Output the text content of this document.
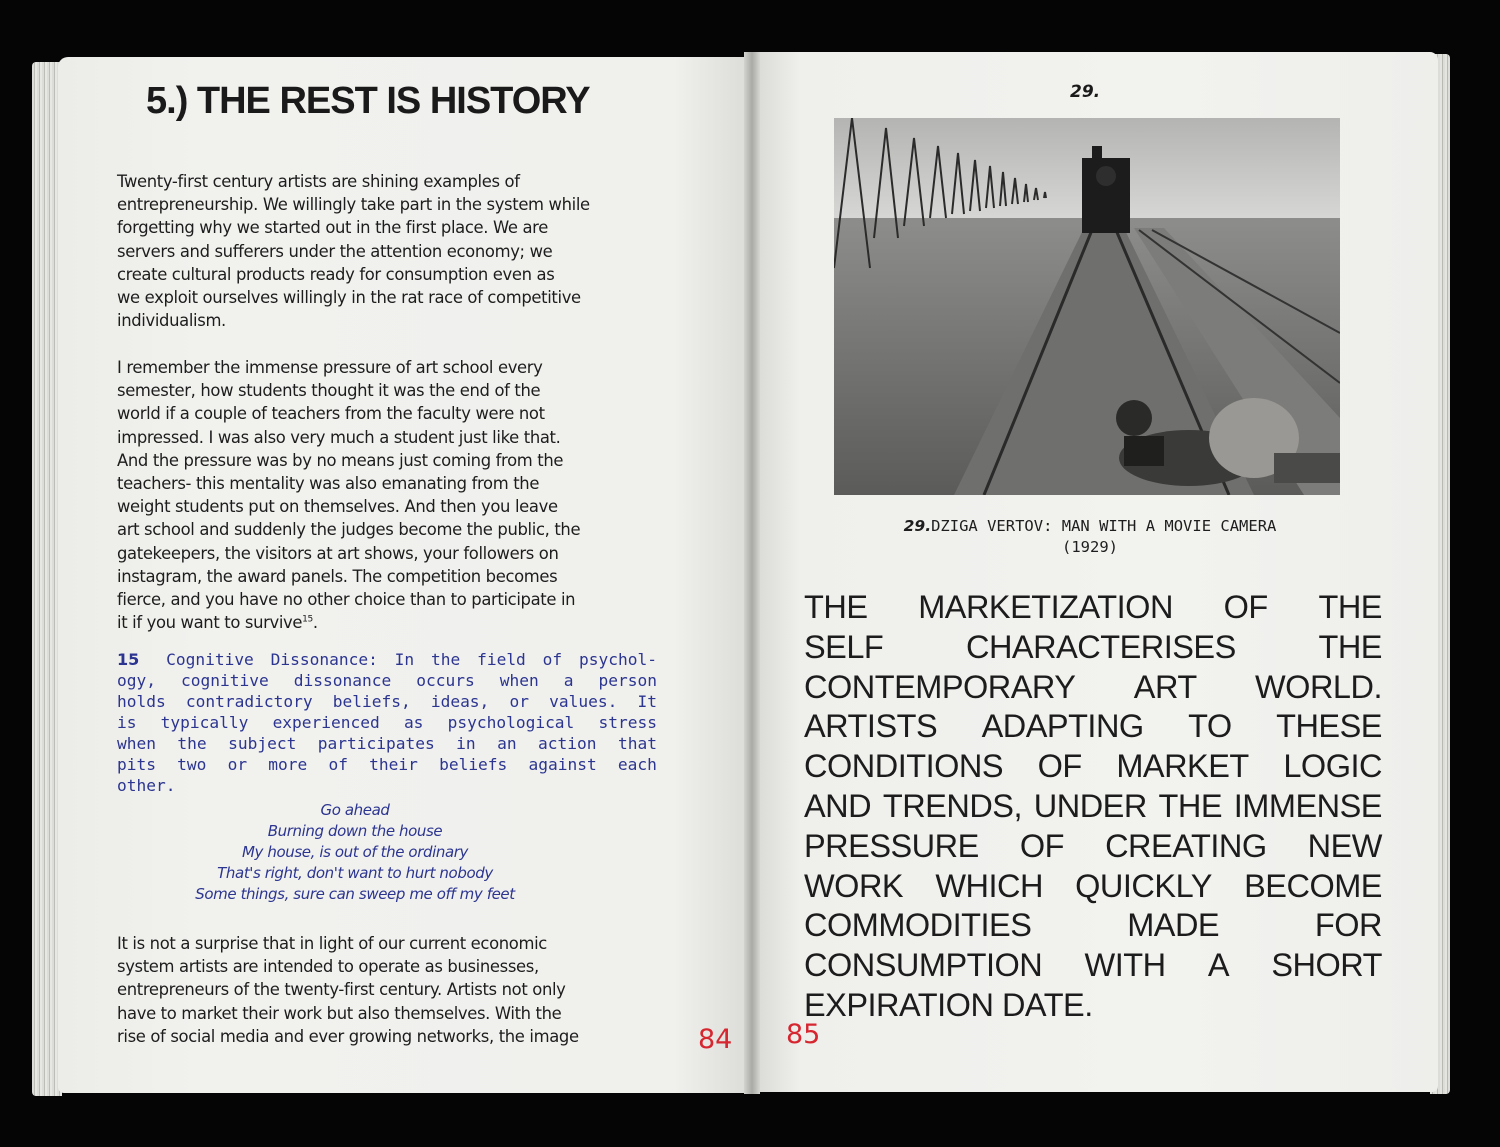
5.) THE REST IS HISTORY
Twenty-first century artists are shining examples of
entrepreneurship. We willingly take part in the system while
forgetting why we started out in the first place. We are
servers and sufferers under the attention economy; we
create cultural products ready for consumption even as
we exploit ourselves willingly in the rat race of competitive
individualism.
I remember the immense pressure of art school every
semester, how students thought it was the end of the
world if a couple of teachers from the faculty were not
impressed. I was also very much a student just like that.
And the pressure was by no means just coming from the
teachers- this mentality was also emanating from the
weight students put on themselves. And then you leave
art school and suddenly the judges become the public, the
gatekeepers, the visitors at art shows, your followers on
instagram, the award panels. The competition becomes
fierce, and you have no other choice than to participate in
it if you want to survive$^{15}$.
15 Cognitive Dissonance: In the field of psychol-
ogy, cognitive dissonance occurs when a person
holds contradictory beliefs, ideas, or values. It
is typically experienced as psychological stress
when the subject participates in an action that
pits two or more of their beliefs against each
other.
Go ahead
Burning down the house
My house, is out of the ordinary
That's right, don't want to hurt nobody
Some things, sure can sweep me off my feet
It is not a surprise that in light of our current economic
system artists are intended to operate as businesses,
entrepreneurs of the twenty-first century. Artists not only
have to market their work but also themselves. With the
rise of social media and ever growing networks, the image	84
29.
29.DZIGA VERTOV: MAN WITH A MOVIE CAMERA
(1929)
THE MARKETIZATION OF THE
SELF	CHARACTERISES	THE
CONTEMPORARY ART WORLD.
ARTISTS ADAPTING TO THESE
CONDITIONS OF MARKET LOGIC
AND TRENDS, UNDER THE IMMENSE
PRESSURE OF CREATING NEW
WORK WHICH QUICKLY BECOME
COMMODITIES	MADE	FOR
CONSUMPTION WITH A SHORT
EXPIRATION DATE.
85
